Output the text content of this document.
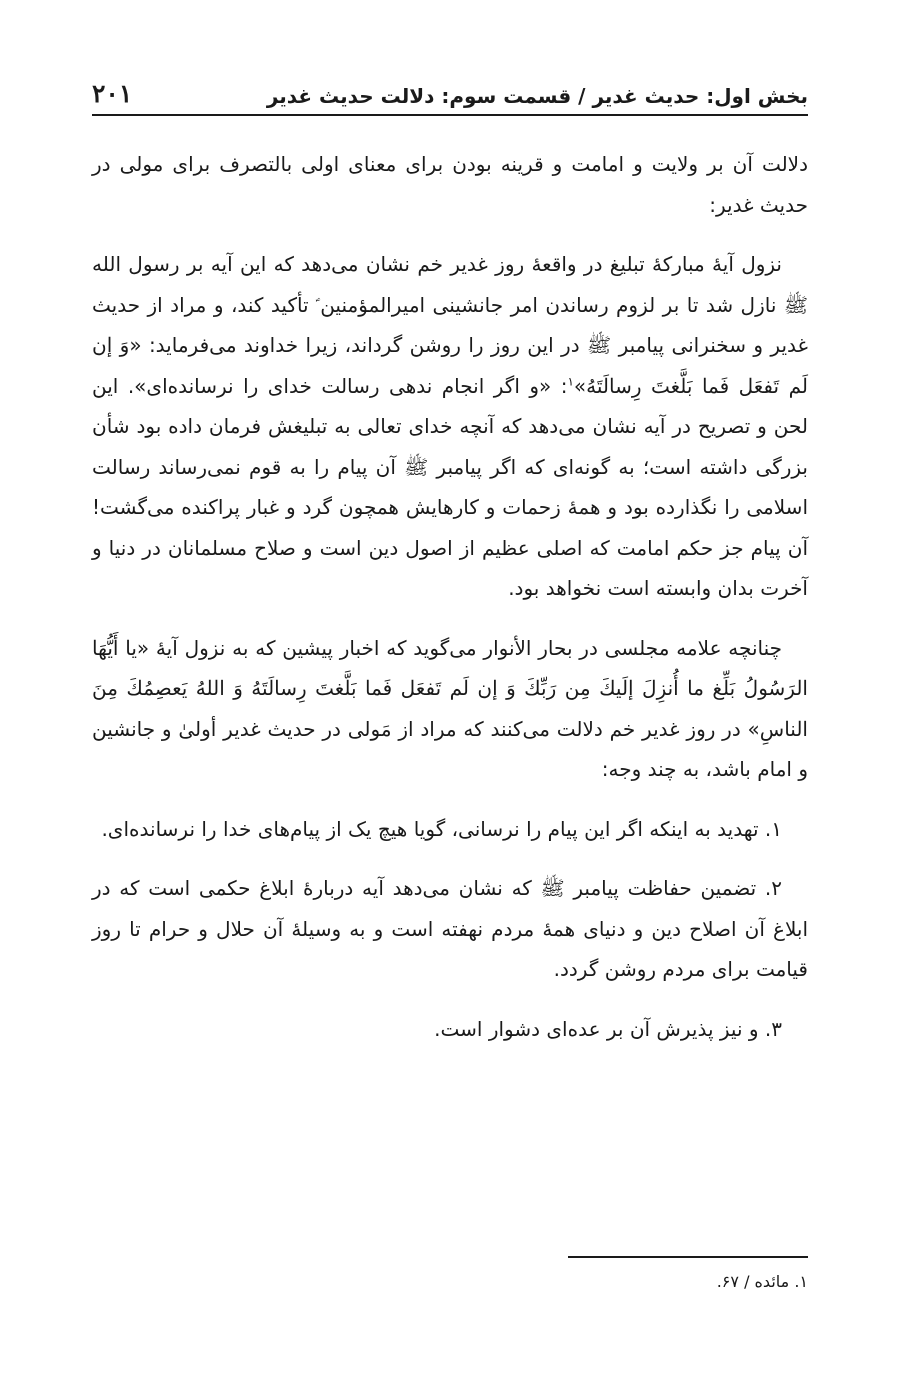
بخش اول: حدیث غدیر / قسمت سوم: دلالت حدیث غدیر
۲۰۱

دلالت آن بر ولایت و امامت و قرینه بودن برای معنای اولی بالتصرف برای مولی در حدیث غدیر:

نزول آیهٔ مبارکهٔ تبلیغ در واقعهٔ روز غدیر خم نشان می‌دهد که این آیه بر رسول الله ﷺ نازل شد تا بر لزوم رساندن امر جانشینی امیرالمؤمنین ؑ تأکید کند، و مراد از حدیث غدیر و سخنرانی پیامبر ﷺ در این روز را روشن گرداند، زیرا خداوند می‌فرماید: «وَ إن لَم تَفعَل فَما بَلَّغتَ رِسالَتَهُ»$^۱$: «و اگر انجام ندهی رسالت خدای را نرسانده‌ای». این لحن و تصریح در آیه نشان می‌دهد که آنچه خدای تعالی به تبلیغش فرمان داده بود شأن بزرگی داشته است؛ به گونه‌ای که اگر پیامبر ﷺ آن پیام را به قوم نمی‌رساند رسالت اسلامی را نگذارده بود و همهٔ زحمات و کارهایش همچون گرد و غبار پراکنده می‌گشت! آن پیام جز حکم امامت که اصلی عظیم از اصول دین است و صلاح مسلمانان در دنیا و آخرت بدان وابسته است نخواهد بود.

چنانچه علامه مجلسی در بحار الأنوار می‌گوید که اخبار پیشین که به نزول آیهٔ «یا أَیُّهَا الرَسُولُ بَلِّغ ما أُنزِلَ إلَیكَ مِن رَبِّكَ وَ إن لَم تَفعَل فَما بَلَّغتَ رِسالَتَهُ وَ اللهُ یَعصِمُكَ مِنَ الناسِ» در روز غدیر خم دلالت می‌کنند که مراد از مَولی در حدیث غدیر أولیٰ و جانشین و امام باشد، به چند وجه:

۱. تهدید به اینکه اگر این پیام را نرسانی، گویا هیچ یک از پیام‌های خدا را نرسانده‌ای.

۲. تضمین حفاظت پیامبر ﷺ که نشان می‌دهد آیه دربارهٔ ابلاغ حکمی است که در ابلاغ آن اصلاح دین و دنیای همهٔ مردم نهفته است و به وسیلهٔ آن حلال و حرام تا روز قیامت برای مردم روشن گردد.

۳. و نیز پذیرش آن بر عده‌ای دشوار است.

۱. مائده / ۶۷.
